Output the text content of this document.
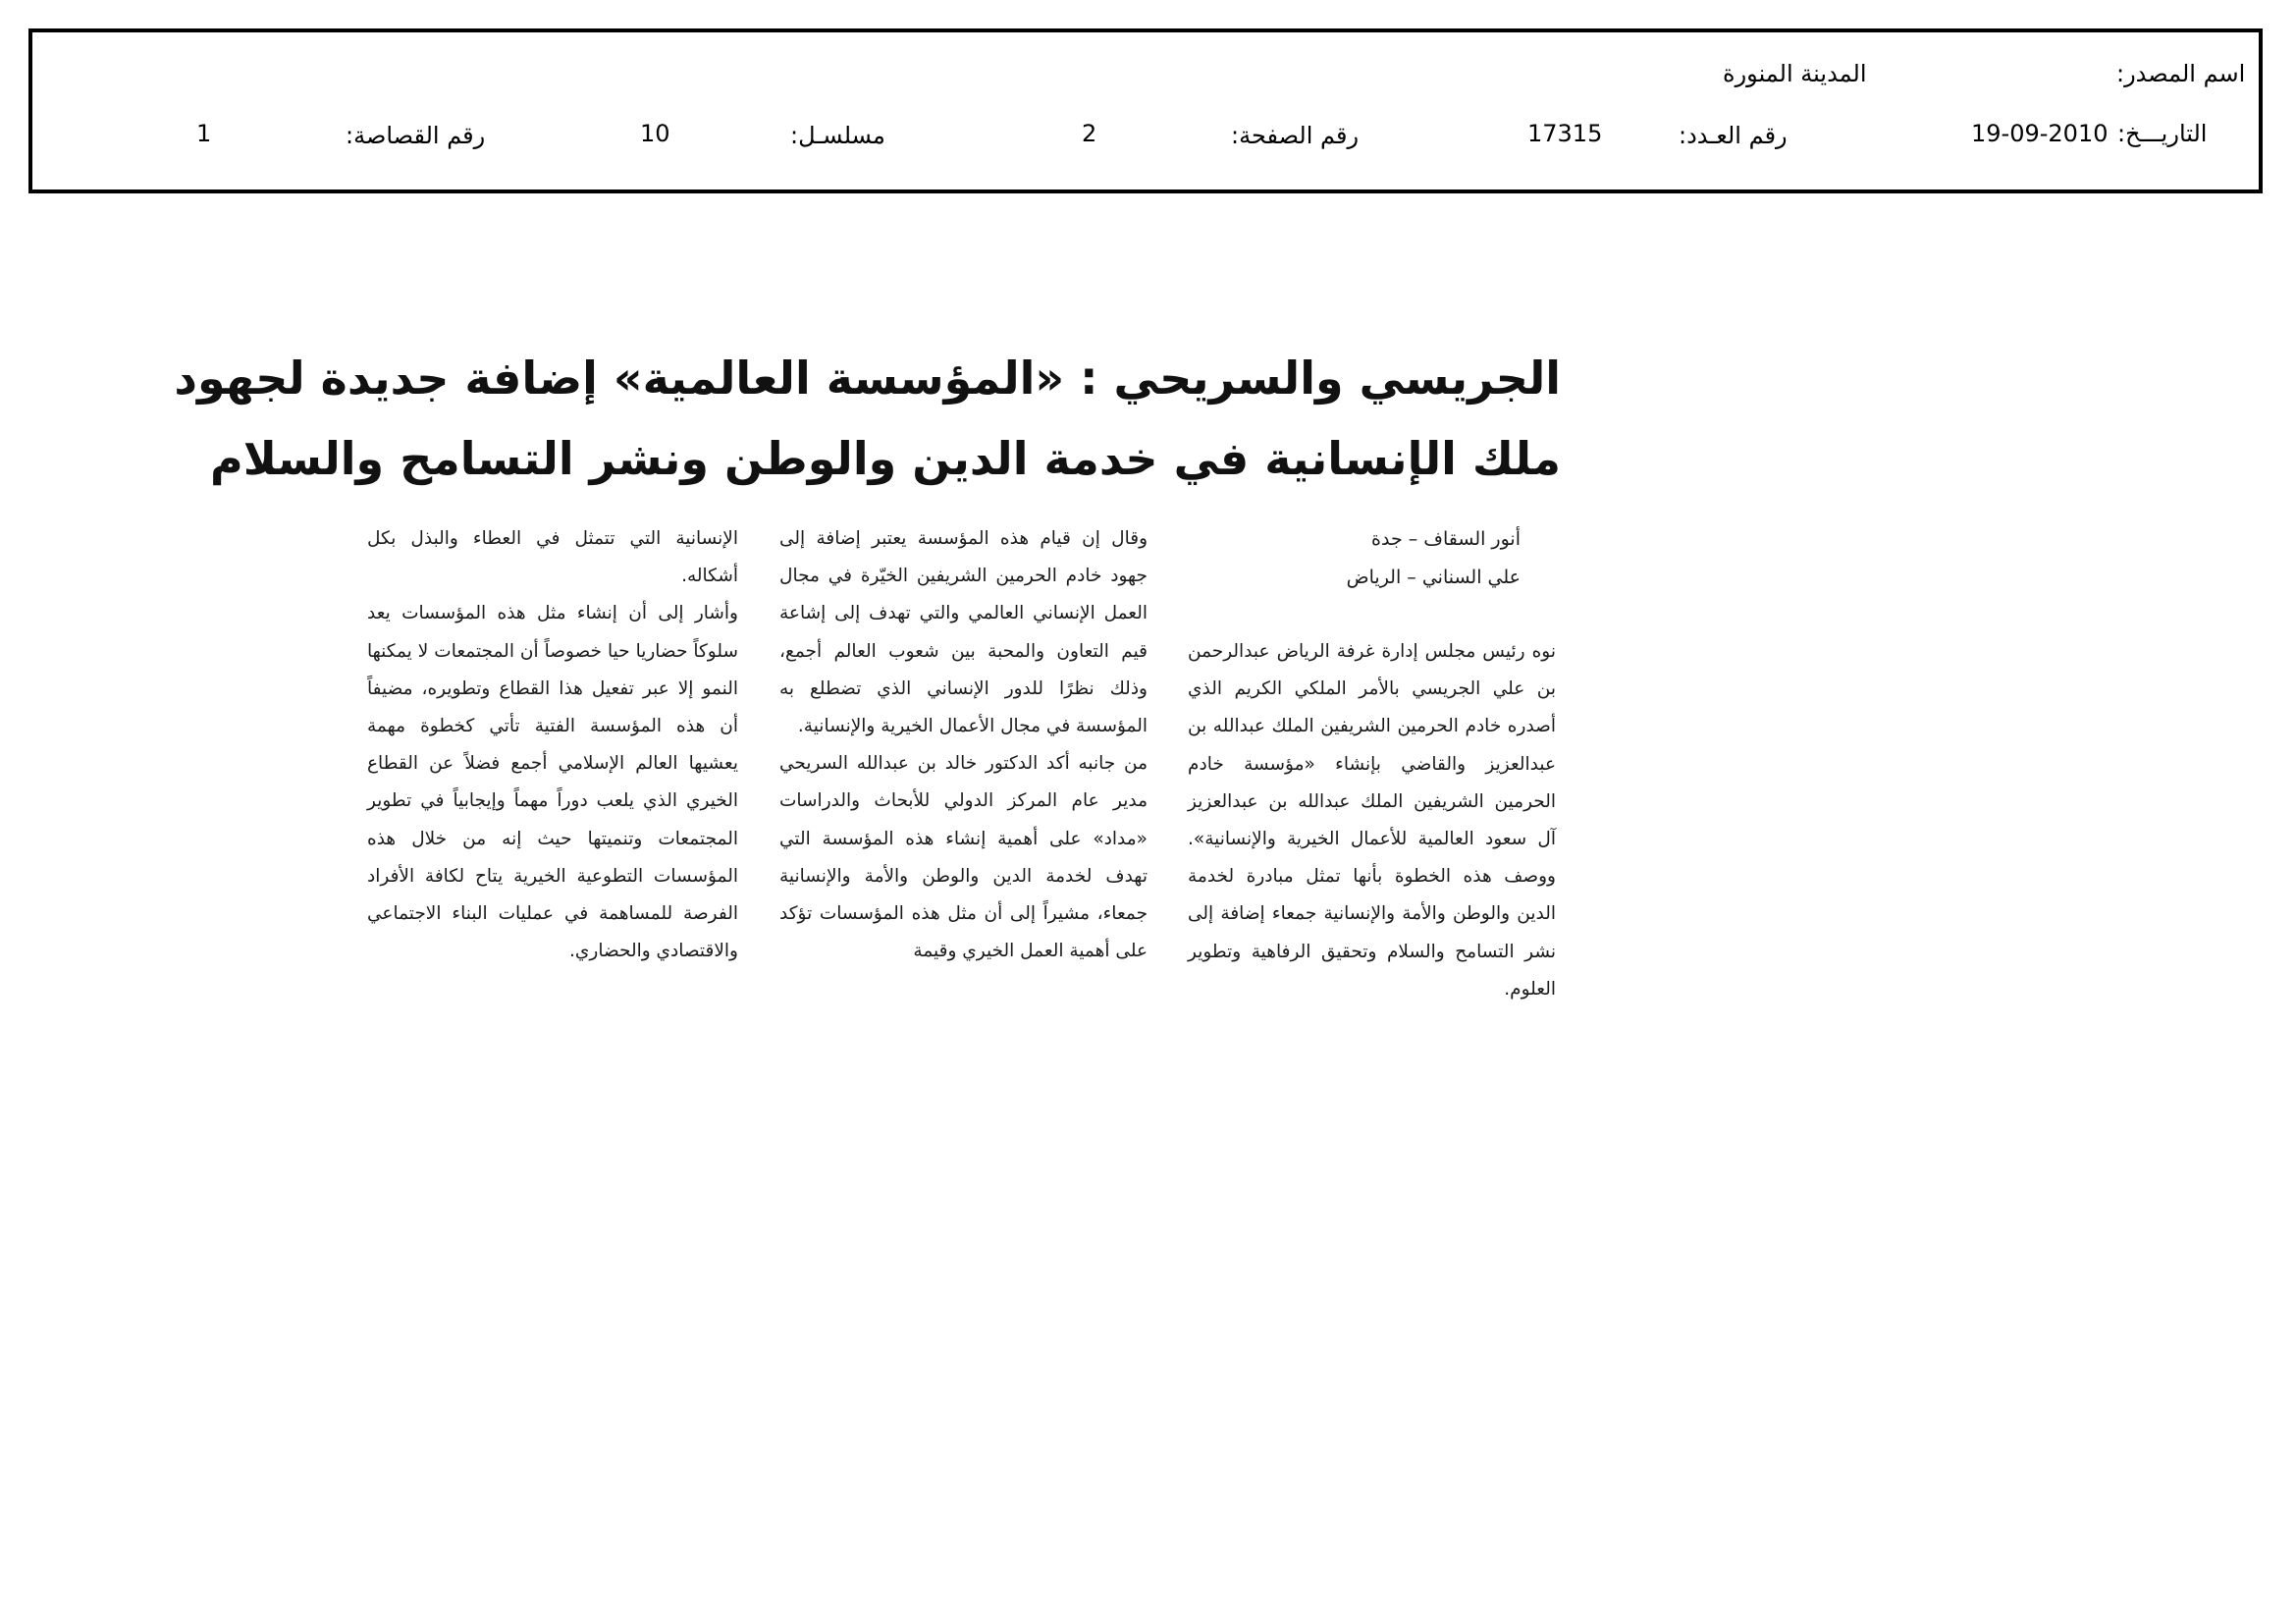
اسم المصدر:
المدينة المنورة
التاريـــخ:
19-09-2010
رقم العـدد:
17315
رقم الصفحة:
2
مسلسـل:
10
رقم القصاصة:
1
الجريسي والسريحي : «المؤسسة العالمية» إضافة جديدة لجهود
ملك الإنسانية في خدمة الدين والوطن ونشر التسامح والسلام
أنور السقاف – جدة
علي السناني – الرياض

نوه رئيس مجلس إدارة غرفة الرياض عبدالرحمن بن علي الجريسي بالأمر الملكي الكريم الذي أصدره خادم الحرمين الشريفين الملك عبدالله بن عبدالعزيز والقاضي بإنشاء «مؤسسة خادم الحرمين الشريفين الملك عبدالله بن عبدالعزيز آل سعود العالمية للأعمال الخيرية والإنسانية». ووصف هذه الخطوة بأنها تمثل مبادرة لخدمة الدين والوطن والأمة والإنسانية جمعاء إضافة إلى نشر التسامح والسلام وتحقيق الرفاهية وتطوير العلوم.

وقال إن قيام هذه المؤسسة يعتبر إضافة إلى جهود خادم الحرمين الشريفين الخيّرة في مجال العمل الإنساني العالمي والتي تهدف إلى إشاعة قيم التعاون والمحبة بين شعوب العالم أجمع، وذلك نظرًا للدور الإنساني الذي تضطلع به المؤسسة في مجال الأعمال الخيرية والإنسانية.

من جانبه أكد الدكتور خالد بن عبدالله السريحي مدير عام المركز الدولي للأبحاث والدراسات «مداد» على أهمية إنشاء هذه المؤسسة التي تهدف لخدمة الدين والوطن والأمة والإنسانية جمعاء، مشيراً إلى أن مثل هذه المؤسسات تؤكد على أهمية العمل الخيري وقيمة

الإنسانية التي تتمثل في العطاء والبذل بكل أشكاله.

وأشار إلى أن إنشاء مثل هذه المؤسسات يعد سلوكاً حضاريا حيا خصوصاً أن المجتمعات لا يمكنها النمو إلا عبر تفعيل هذا القطاع وتطويره، مضيفاً أن هذه المؤسسة الفتية تأتي كخطوة مهمة يعشيها العالم الإسلامي أجمع فضلاً عن القطاع الخيري الذي يلعب دوراً مهماً وإيجابياً في تطوير المجتمعات وتنميتها حيث إنه من خلال هذه المؤسسات التطوعية الخيرية يتاح لكافة الأفراد الفرصة للمساهمة في عمليات البناء الاجتماعي والاقتصادي والحضاري.
